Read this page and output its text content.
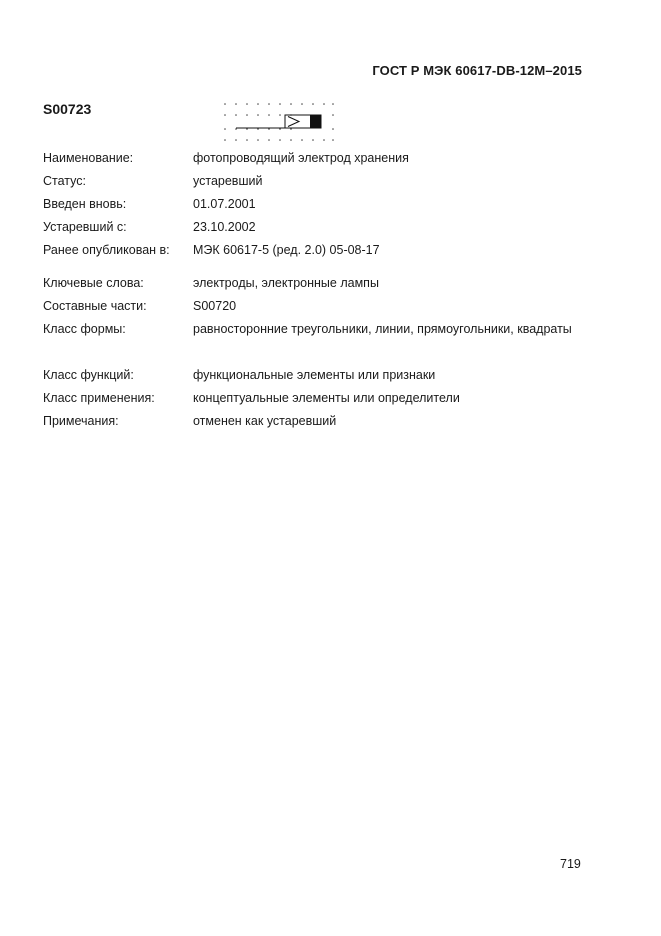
ГОСТ Р МЭК 60617-DB-12M–2015
S00723
Наименование:	фотопроводящий электрод хранения
Статус:	устаревший
Введен вновь:	01.07.2001
Устаревший с:	23.10.2002
Ранее опубликован в: МЭК 60617-5 (ред. 2.0) 05-08-17
Ключевые слова:	электроды, электронные лампы
Составные части:	S00720
Класс формы:	равносторонние треугольники, линии, прямоугольники, квадраты
Класс функций:	функциональные элементы или признаки
Класс применения:	концептуальные элементы или определители
Примечания:	отменен как устаревший
719
